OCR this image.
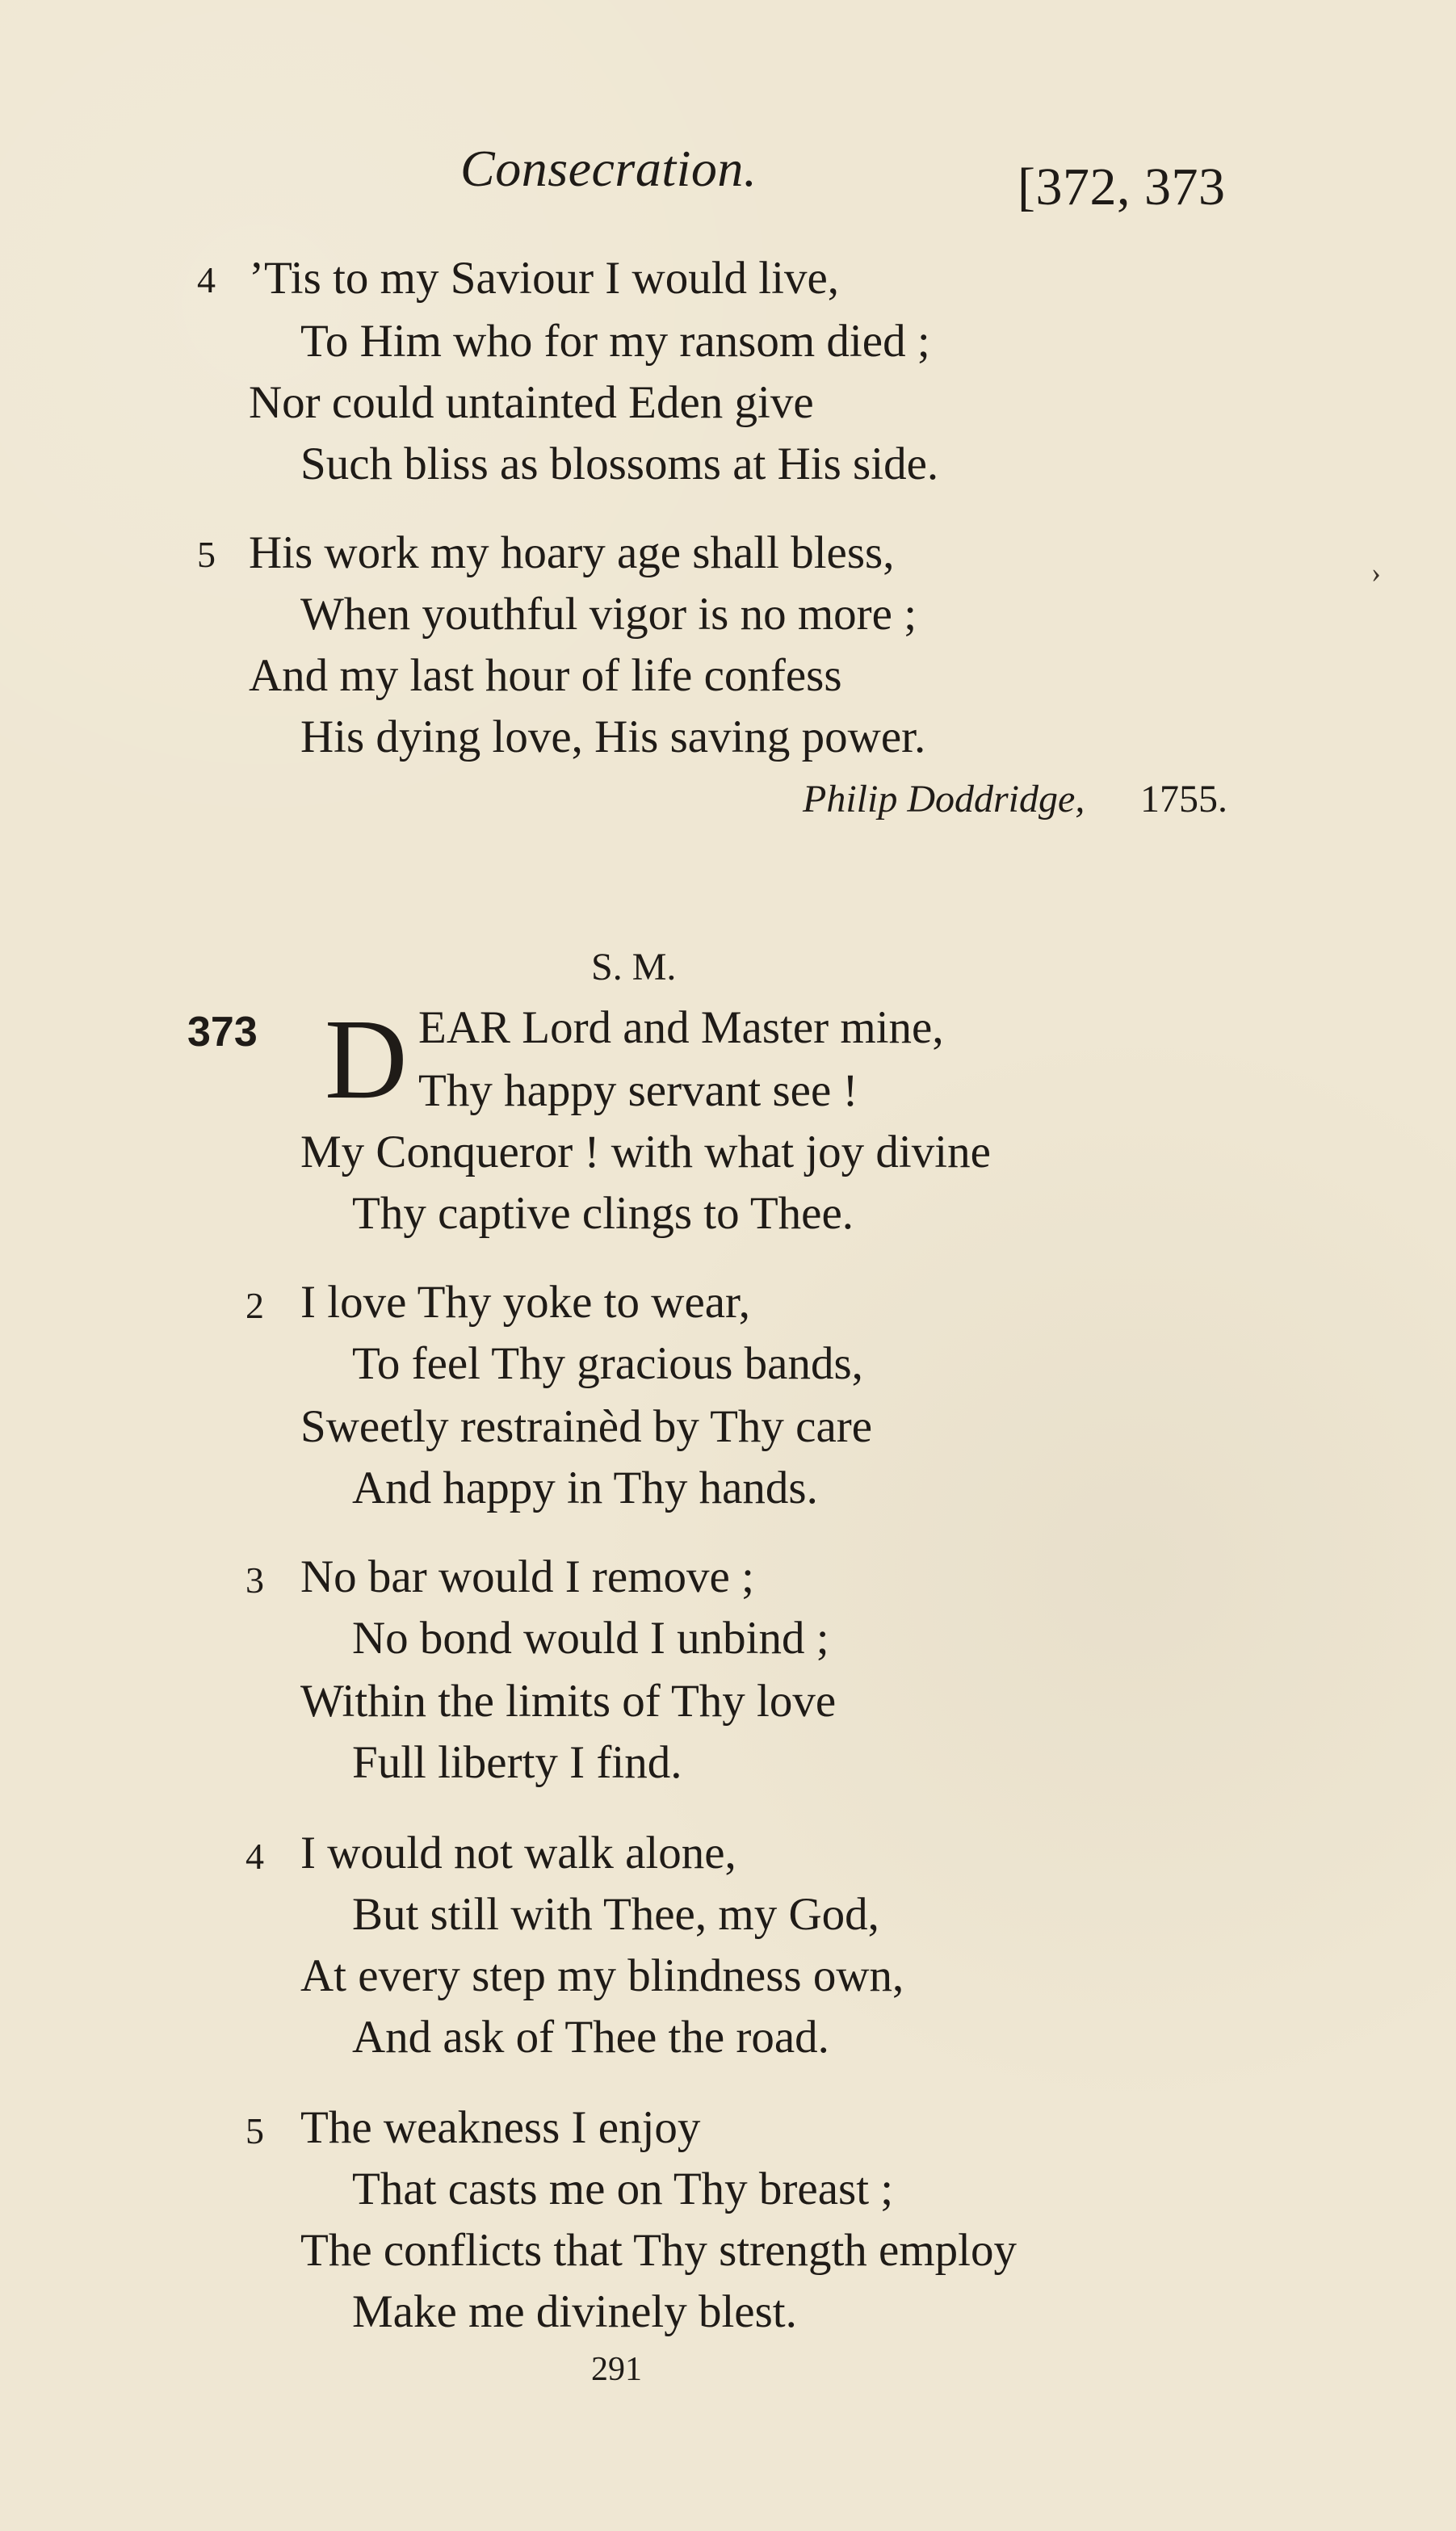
Consecration.	[372, 373
4 ’Tis to my Saviour I would live,
To Him who for my ransom died ;
Nor could untainted Eden give
Such bliss as blossoms at His side.
5 His work my hoary age shall bless,
When youthful vigor is no more ;
And my last hour of life confess
His dying love, His saving power.
Philip Doddridge, 1755.
S. M.
373 D EAR Lord and Master mine,
Thy happy servant see !
My Conqueror ! with what joy divine
Thy captive clings to Thee.
2 I love Thy yoke to wear,
To feel Thy gracious bands,
Sweetly restrainèd by Thy care
And happy in Thy hands.
3 No bar would I remove ;
No bond would I unbind ;
Within the limits of Thy love
Full liberty I find.
4 I would not walk alone,
But still with Thee, my God,
At every step my blindness own,
And ask of Thee the road.
5 The weakness I enjoy
That casts me on Thy breast ;
The conflicts that Thy strength employ
Make me divinely blest.
291
›
